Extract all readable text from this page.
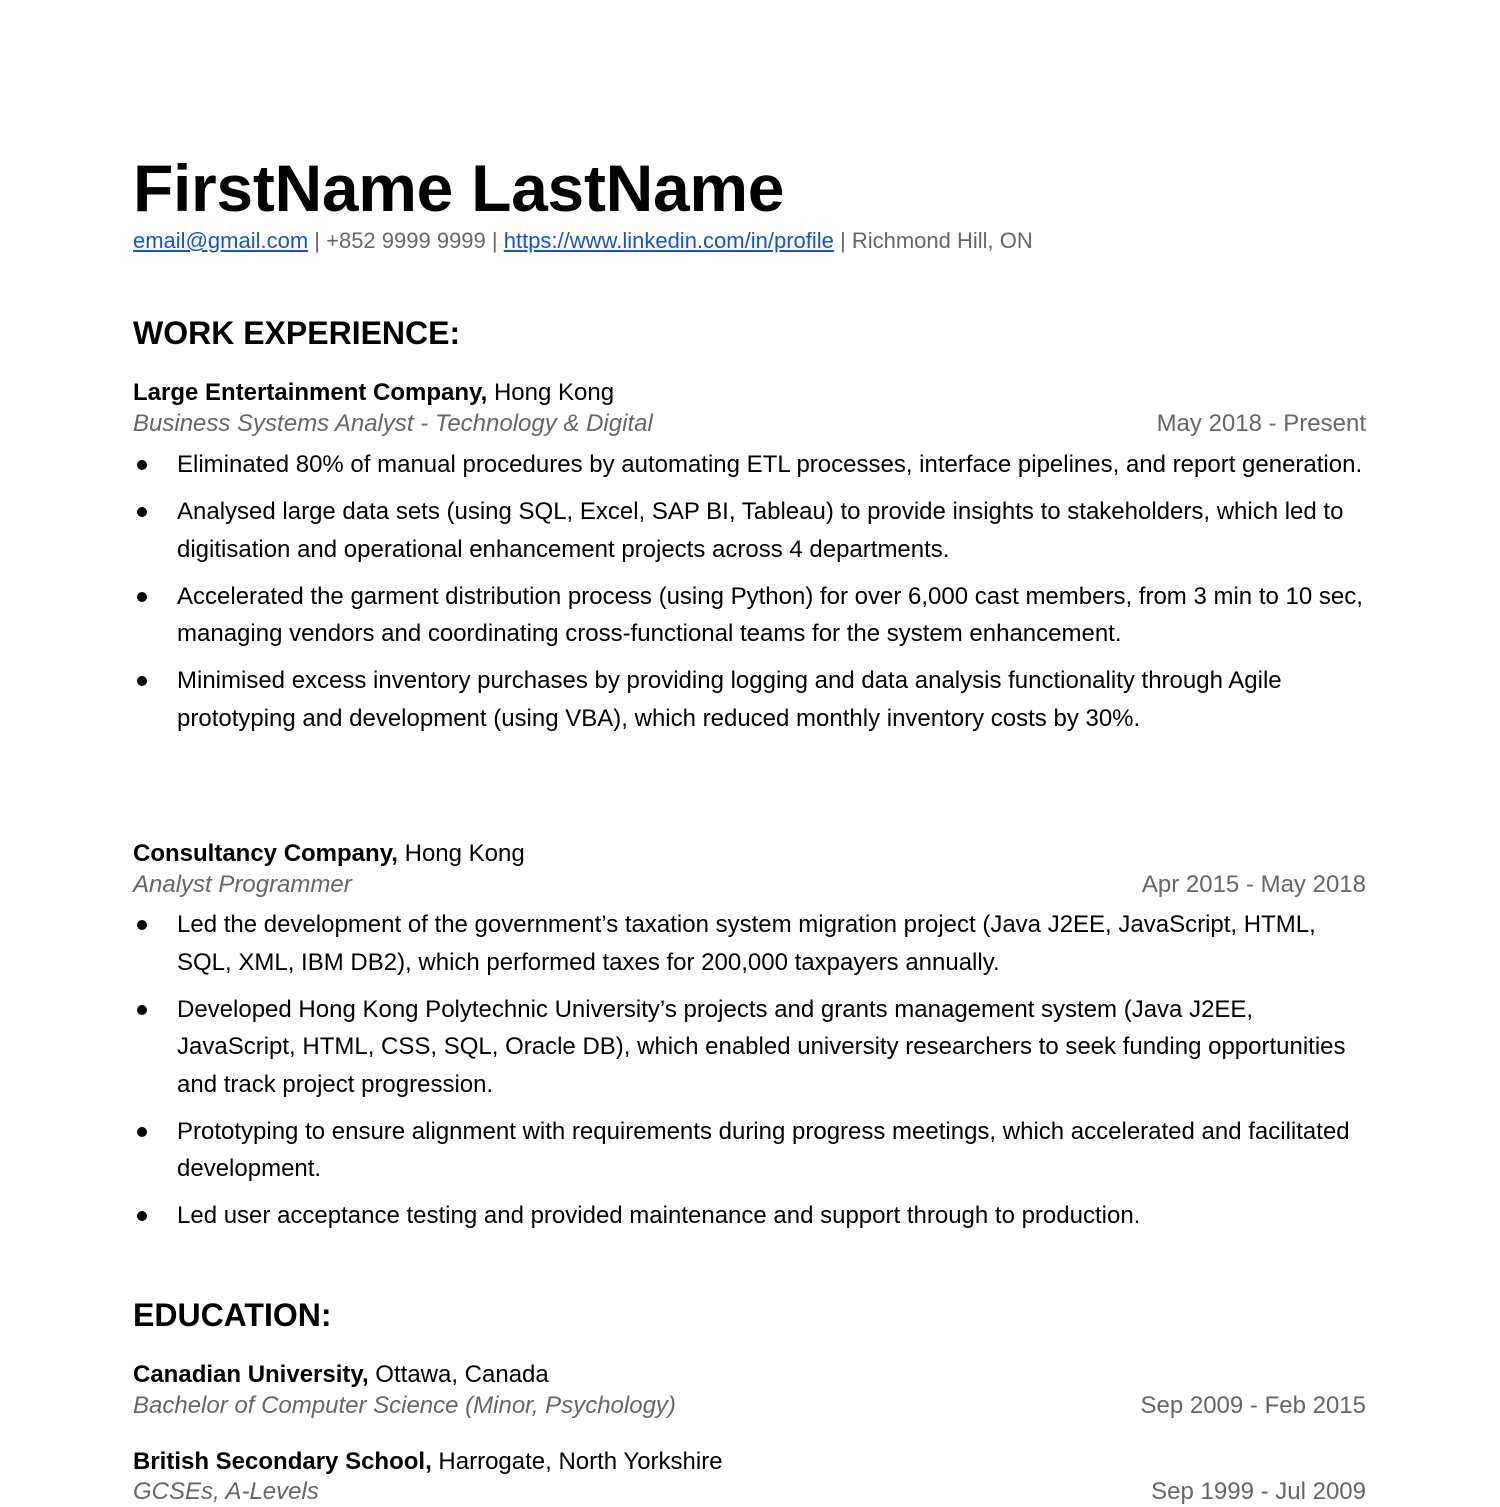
FirstName LastName
email@gmail.com | +852 9999 9999 | https://www.linkedin.com/in/profile | Richmond Hill, ON
WORK EXPERIENCE:
Large Entertainment Company, Hong Kong
Business Systems Analyst - Technology & Digital	May 2018 - Present
Eliminated 80% of manual procedures by automating ETL processes, interface pipelines, and report generation.
Analysed large data sets (using SQL, Excel, SAP BI, Tableau) to provide insights to stakeholders, which led to digitisation and operational enhancement projects across 4 departments.
Accelerated the garment distribution process (using Python) for over 6,000 cast members, from 3 min to 10 sec, managing vendors and coordinating cross-functional teams for the system enhancement.
Minimised excess inventory purchases by providing logging and data analysis functionality through Agile prototyping and development (using VBA), which reduced monthly inventory costs by 30%.
Consultancy Company, Hong Kong
Analyst Programmer	Apr 2015 - May 2018
Led the development of the government’s taxation system migration project (Java J2EE, JavaScript, HTML, SQL, XML, IBM DB2), which performed taxes for 200,000 taxpayers annually.
Developed Hong Kong Polytechnic University’s projects and grants management system (Java J2EE, JavaScript, HTML, CSS, SQL, Oracle DB), which enabled university researchers to seek funding opportunities and track project progression.
Prototyping to ensure alignment with requirements during progress meetings, which accelerated and facilitated development.
Led user acceptance testing and provided maintenance and support through to production.
EDUCATION:
Canadian University, Ottawa, Canada
Bachelor of Computer Science (Minor, Psychology)	Sep 2009 - Feb 2015
British Secondary School, Harrogate, North Yorkshire
GCSEs, A-Levels	Sep 1999 - Jul 2009
